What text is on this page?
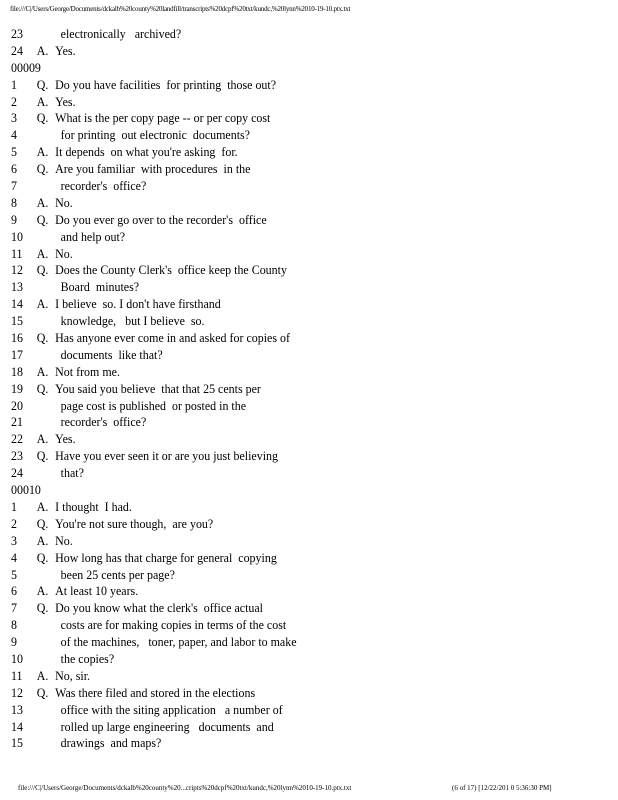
file:///C|/Users/George/Documents/dckalb%20county%20landfill/transcripts%20dcpf%20txt/kundc,%20lynn%2010-19-10.ptx.txt
23	electronically   archived?
24 A. Yes.
00009
1 Q. Do you have facilities  for printing  those out?
2 A. Yes.
3 Q. What is the per copy page -- or per copy cost
4	for printing  out electronic  documents?
5 A. It depends  on what you're asking  for.
6 Q. Are you familiar  with procedures  in the
7	recorder's  office?
8 A. No.
9 Q. Do you ever go over to the recorder's  office
10	and help out?
11 A. No.
12 Q. Does the County Clerk's  office keep the County
13	Board  minutes?
14 A. I believe  so. I don't have firsthand
15	knowledge,   but I believe  so.
16 Q. Has anyone ever come in and asked for copies of
17	documents  like that?
18 A. Not from me.
19 Q. You said you believe  that that 25 cents per
20	page cost is published  or posted in the
21	recorder's  office?
22 A. Yes.
23 Q. Have you ever seen it or are you just believing
24	that?
00010
1 A. I thought  I had.
2 Q. You're not sure though,  are you?
3 A. No.
4 Q. How long has that charge for general  copying
5	been 25 cents per page?
6 A. At least 10 years.
7 Q. Do you know what the clerk's  office actual
8	costs are for making copies in terms of the cost
9	of the machines,   toner, paper, and labor to make
10	the copies?
11 A. No, sir.
12 Q. Was there filed and stored in the elections
13	office with the siting application   a number of
14	rolled up large engineering   documents  and
15	drawings  and maps?
file:///C|/Users/George/Documents/dckalb%20county%20...cripts%20dcpf%20txt/kundc,%20lynn%2010-19-10.ptx.txt	(6 of 17) [12/22/201 0 5:36:30 PM]
